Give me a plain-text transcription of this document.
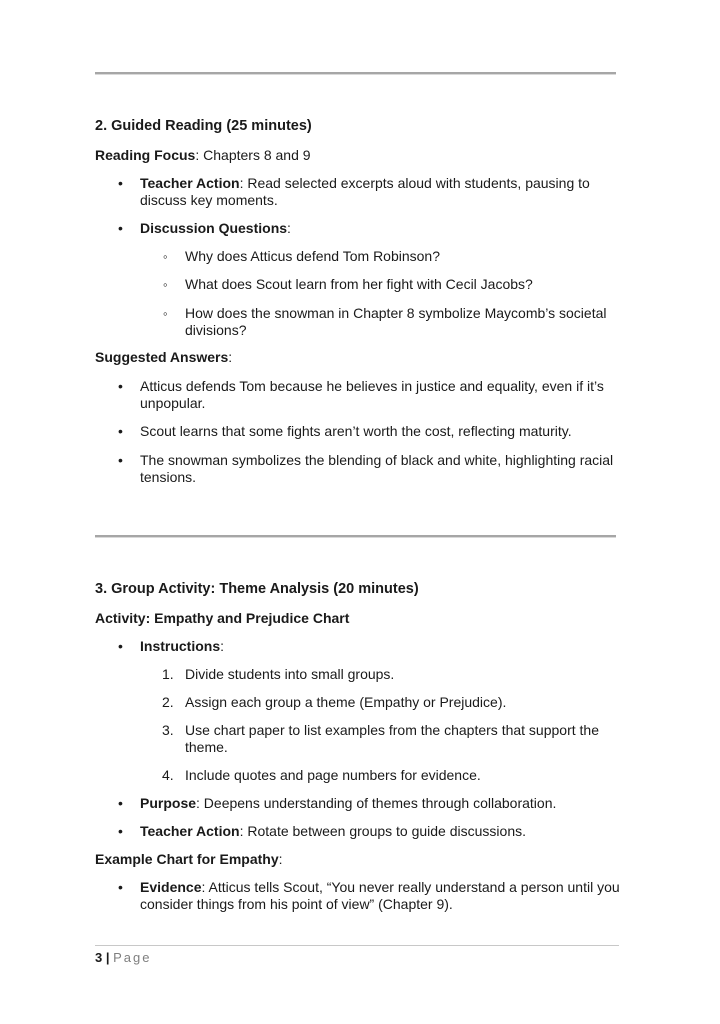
2. Guided Reading (25 minutes)
Reading Focus: Chapters 8 and 9
• Teacher Action: Read selected excerpts aloud with students, pausing to
discuss key moments.
• Discussion Questions:
◦ Why does Atticus defend Tom Robinson?
◦ What does Scout learn from her fight with Cecil Jacobs?
◦ How does the snowman in Chapter 8 symbolize Maycomb’s societal
divisions?
Suggested Answers:
• Atticus defends Tom because he believes in justice and equality, even if it’s
unpopular.
• Scout learns that some fights aren’t worth the cost, reflecting maturity.
• The snowman symbolizes the blending of black and white, highlighting racial
tensions.
3. Group Activity: Theme Analysis (20 minutes)
Activity: Empathy and Prejudice Chart
• Instructions:
1. Divide students into small groups.
2. Assign each group a theme (Empathy or Prejudice).
3. Use chart paper to list examples from the chapters that support the
theme.
4. Include quotes and page numbers for evidence.
• Purpose: Deepens understanding of themes through collaboration.
• Teacher Action: Rotate between groups to guide discussions.
Example Chart for Empathy:
• Evidence: Atticus tells Scout, “You never really understand a person until you
consider things from his point of view” (Chapter 9).
3 | Page
